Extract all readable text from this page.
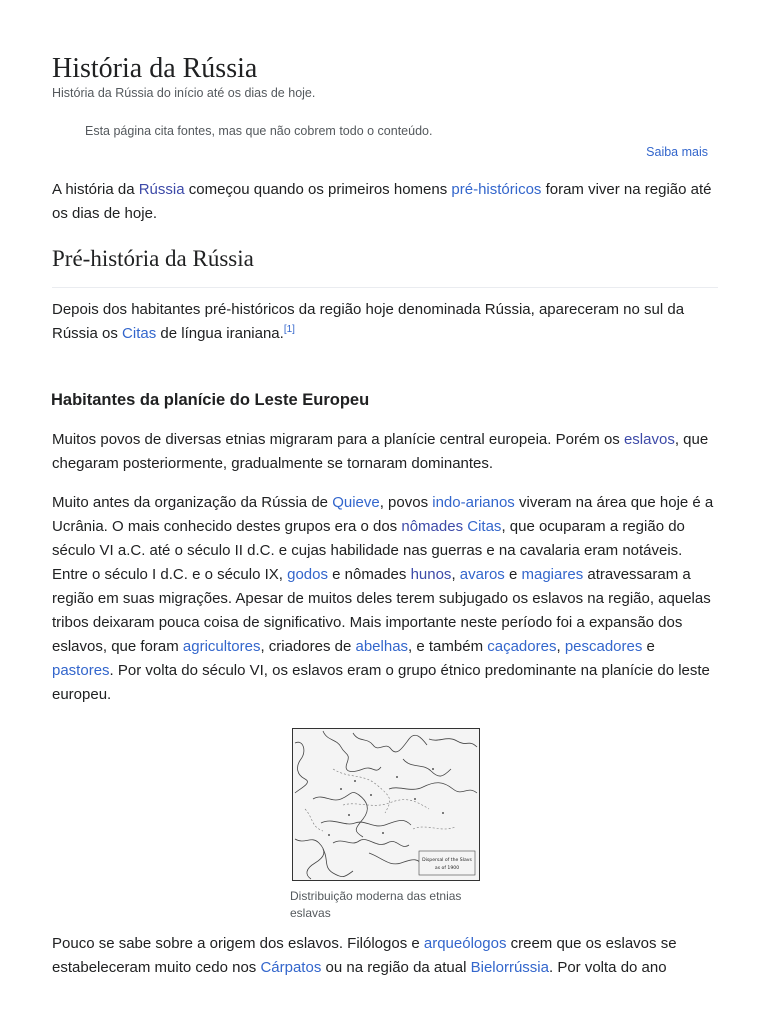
História da Rússia
História da Rússia do início até os dias de hoje.
Esta página cita fontes, mas que não cobrem todo o conteúdo.
Saiba mais

A história da Rússia começou quando os primeiros homens pré-históricos foram viver na região até os dias de hoje.

Pré-história da Rússia

Depois dos habitantes pré-históricos da região hoje denominada Rússia, apareceram no sul da Rússia os Citas de língua iraniana.[1]

Habitantes da planície do Leste Europeu

Muitos povos de diversas etnias migraram para a planície central europeia. Porém os eslavos, que chegaram posteriormente, gradualmente se tornaram dominantes.

Muito antes da organização da Rússia de Quieve, povos indo-arianos viveram na área que hoje é a Ucrânia. O mais conhecido destes grupos era o dos nômades Citas, que ocuparam a região do século VI a.C. até o século II d.C. e cujas habilidade nas guerras e na cavalaria eram notáveis. Entre o século I d.C. e o século IX, godos e nômades hunos, avaros e magiares atravessaram a região em suas migrações. Apesar de muitos deles terem subjugado os eslavos na região, aquelas tribos deixaram pouca coisa de significativo. Mais importante neste período foi a expansão dos eslavos, que foram agricultores, criadores de abelhas, e também caçadores, pescadores e pastores. Por volta do século VI, os eslavos eram o grupo étnico predominante na planície do leste europeu.

Dispersal of the Slavs
as of 1900
Distribuição moderna das etnias eslavas

Pouco se sabe sobre a origem dos eslavos. Filólogos e arqueólogos creem que os eslavos se estabeleceram muito cedo nos Cárpatos ou na região da atual Bielorrússia. Por volta do ano
